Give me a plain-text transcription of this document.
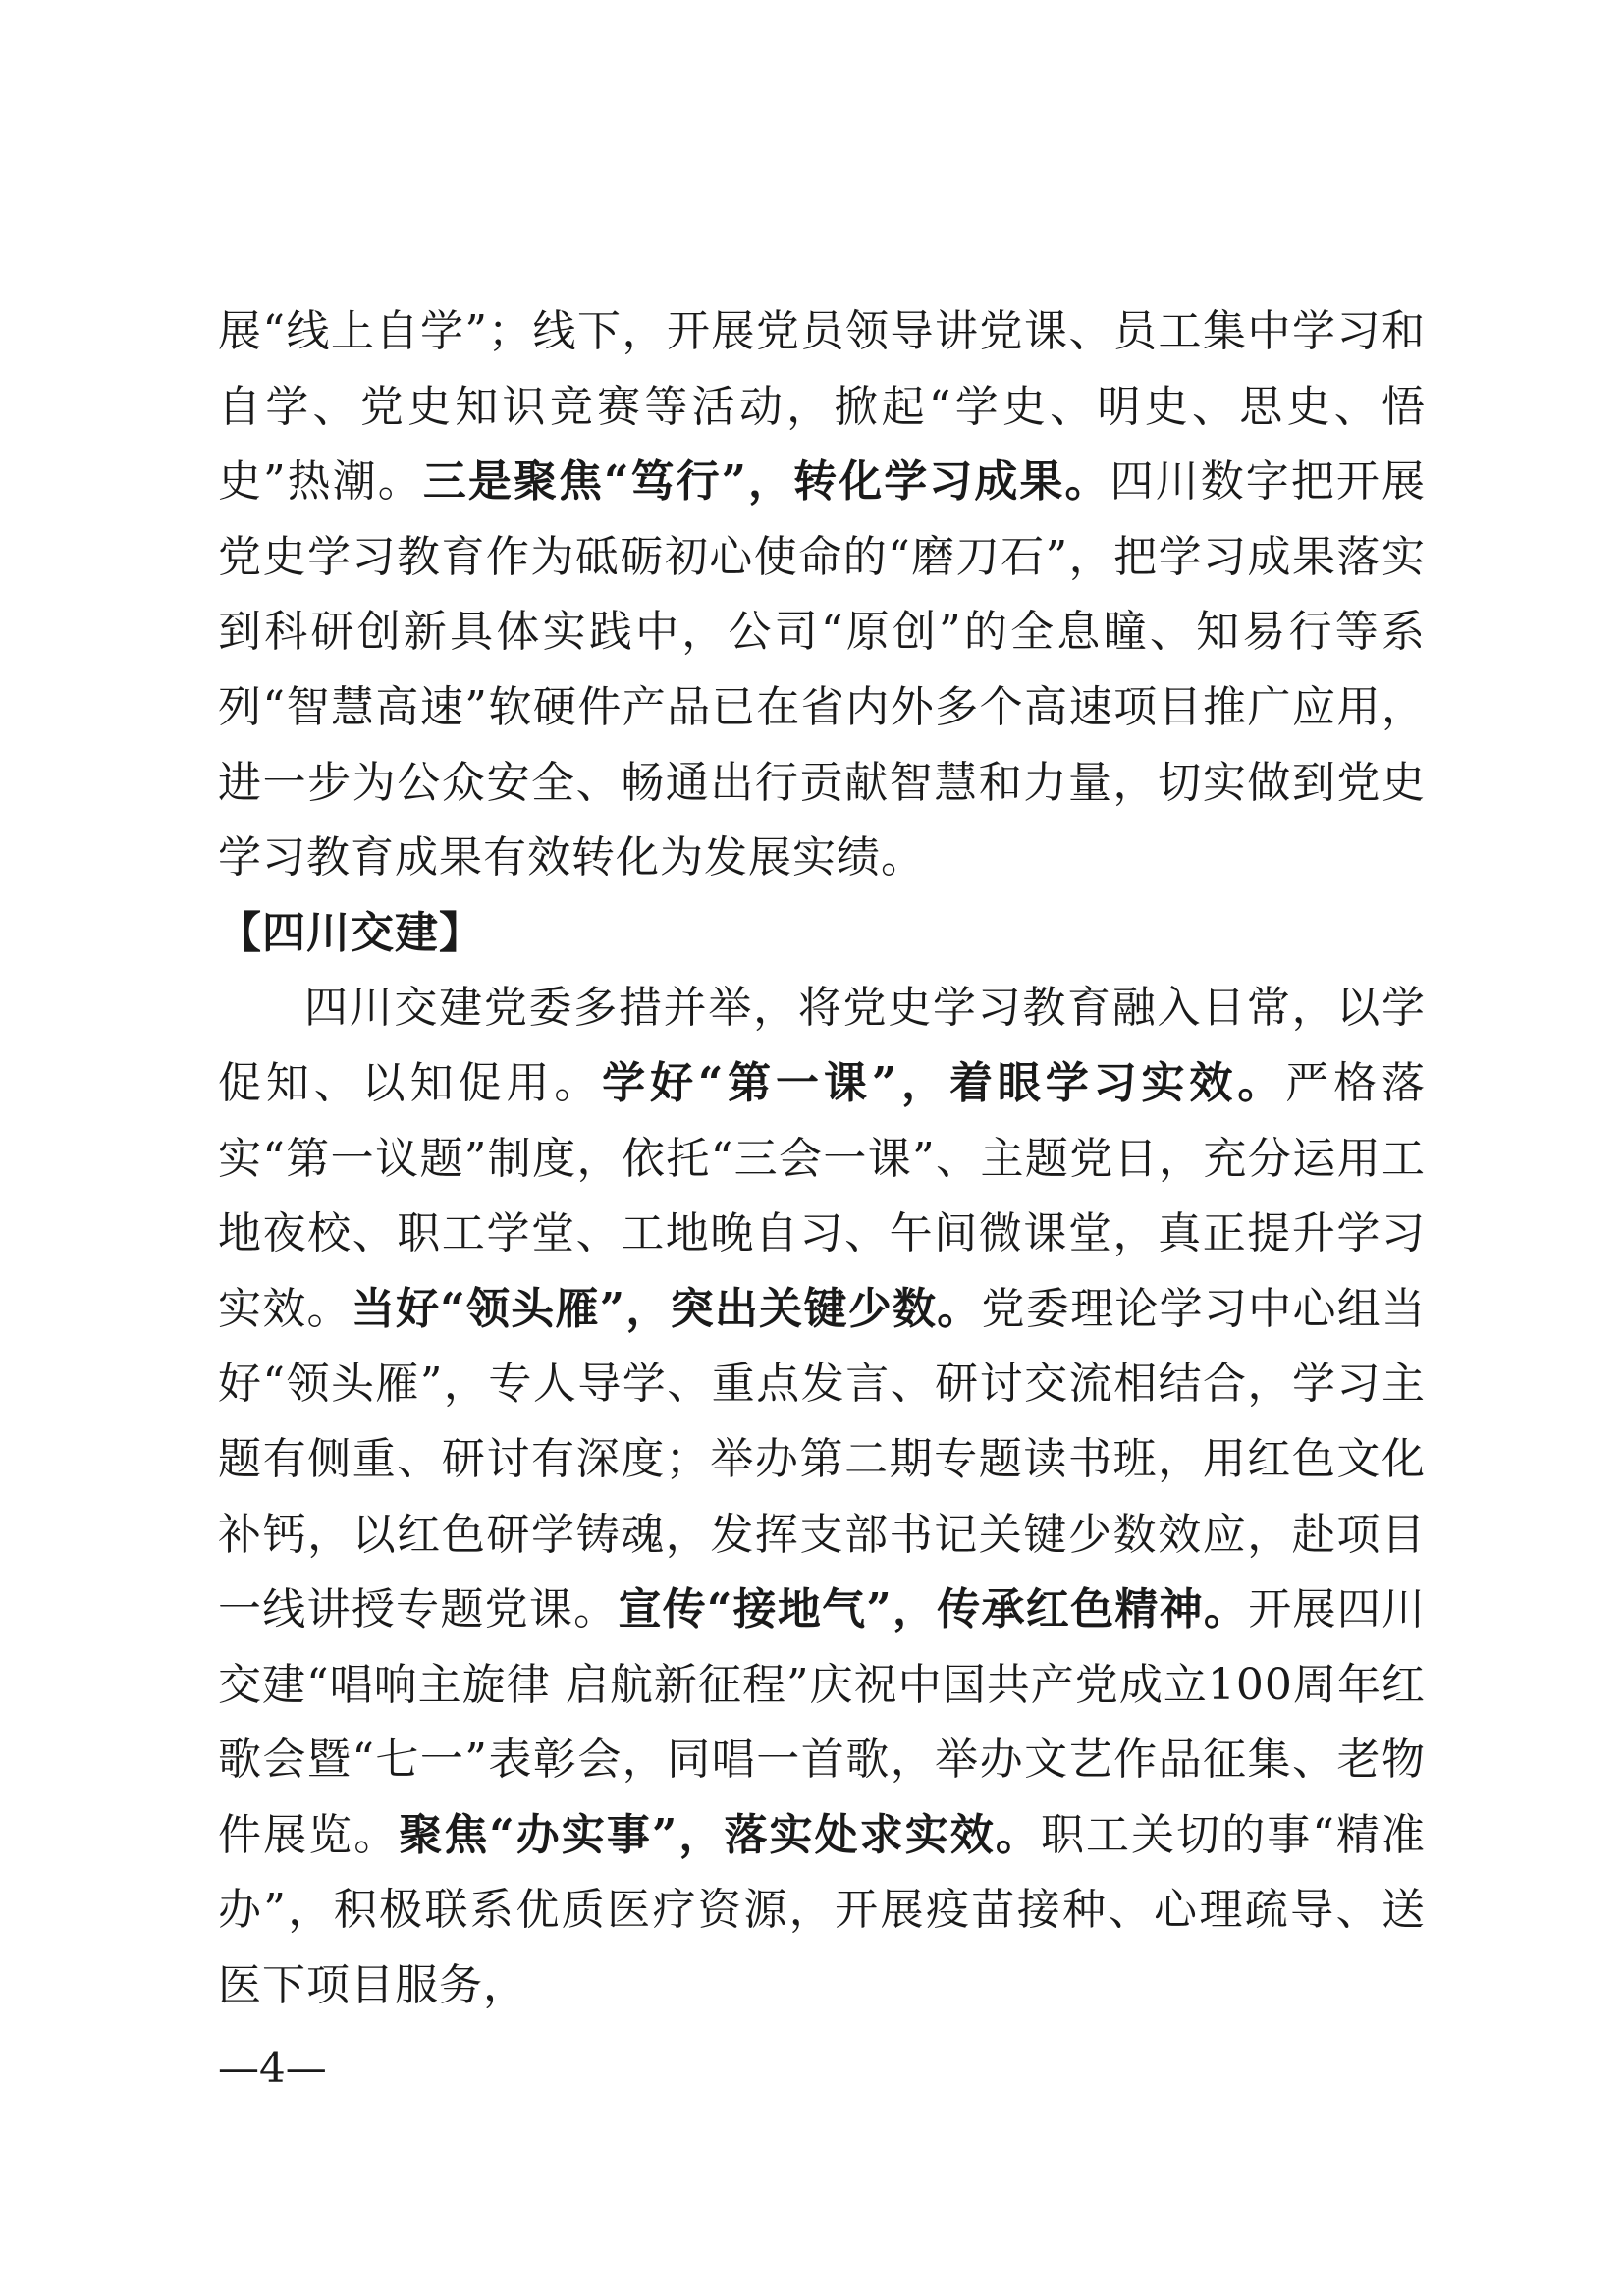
展“线上自学”；线下，开展党员领导讲党课、员工集中学习和自学、党史知识竞赛等活动，掀起“学史、明史、思史、悟史”热潮。三是聚焦“笃行”，转化学习成果。四川数字把开展党史学习教育作为砥砺初心使命的“磨刀石”，把学习成果落实到科研创新具体实践中，公司“原创”的全息瞳、知易行等系列“智慧高速”软硬件产品已在省内外多个高速项目推广应用，进一步为公众安全、畅通出行贡献智慧和力量，切实做到党史学习教育成果有效转化为发展实绩。

【四川交建】

四川交建党委多措并举，将党史学习教育融入日常，以学促知、以知促用。学好“第一课”，着眼学习实效。严格落实“第一议题”制度，依托“三会一课”、主题党日，充分运用工地夜校、职工学堂、工地晚自习、午间微课堂，真正提升学习实效。当好“领头雁”，突出关键少数。党委理论学习中心组当好“领头雁”，专人导学、重点发言、研讨交流相结合，学习主题有侧重、研讨有深度；举办第二期专题读书班，用红色文化补钙，以红色研学铸魂，发挥支部书记关键少数效应，赴项目一线讲授专题党课。宣传“接地气”，传承红色精神。开展四川交建“唱响主旋律 启航新征程”庆祝中国共产党成立100周年红歌会暨“七一”表彰会，同唱一首歌，举办文艺作品征集、老物件展览。聚焦“办实事”，落实处求实效。职工关切的事“精准办”，积极联系优质医疗资源，开展疫苗接种、心理疏导、送医下项目服务，

—4—
